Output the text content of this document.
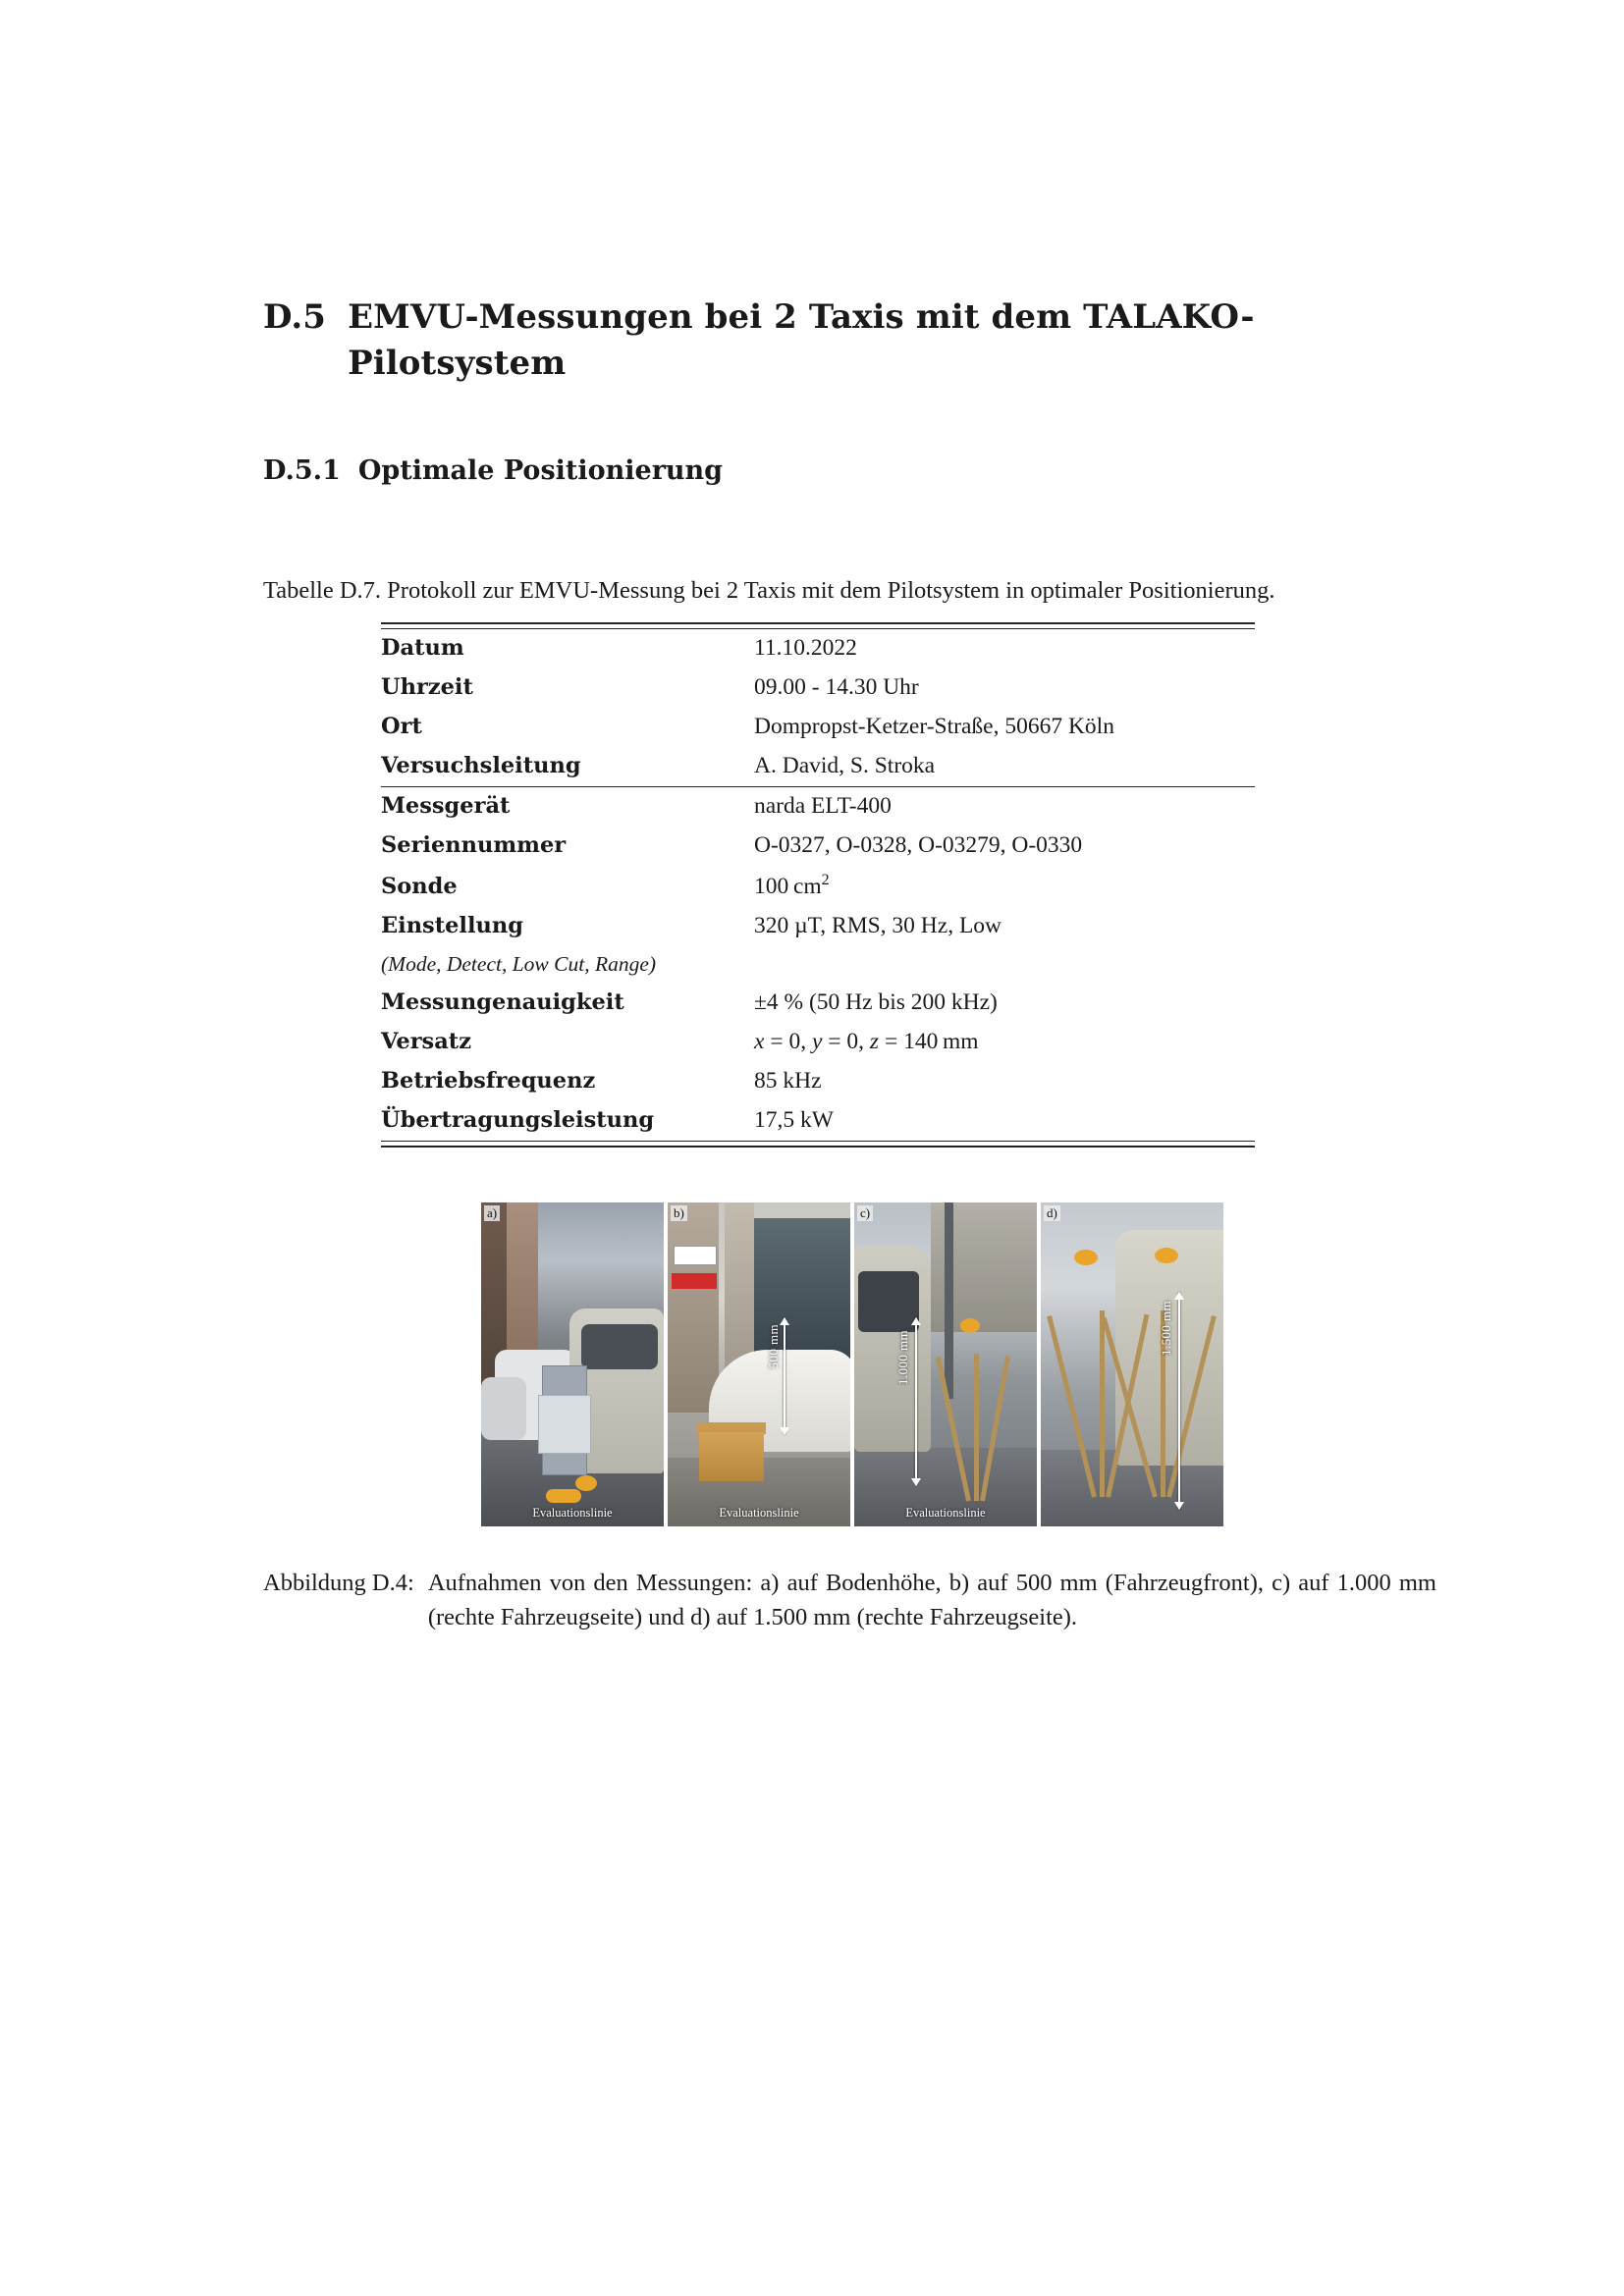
D.5 EMVU-Messungen bei 2 Taxis mit dem TALAKO-Pilotsystem
D.5.1 Optimale Positionierung
Tabelle D.7. Protokoll zur EMVU-Messung bei 2 Taxis mit dem Pilotsystem in optimaler Positionierung.
Datum	11.10.2022
Uhrzeit	09.00 - 14.30 Uhr
Ort	Dompropst-Ketzer-Straße, 50667 Köln
Versuchsleitung	A. David, S. Stroka
Messgerät	narda ELT-400
Seriennummer	O-0327, O-0328, O-03279, O-0330
Sonde	100 $cm^2$
Einstellung	320 µT, RMS, 30 Hz, Low
(Mode, Detect, Low Cut, Range)	
Messungenauigkeit	±4 % (50 Hz bis 200 kHz)
Versatz	x = 0, y = 0, z = 140 mm
Betriebsfrequenz	85 kHz
Übertragungsleistung	17,5 kW
a)
Evaluationslinie
500 mm
b)
Evaluationslinie
1.000 mm
c)
Evaluationslinie
1.500 mm
d)
Abbildung D.4: Aufnahmen von den Messungen: a) auf Bodenhöhe, b) auf 500 mm (Fahrzeugfront), c) auf 1.000 mm (rechte Fahrzeugseite) und d) auf 1.500 mm (rechte Fahrzeugseite).
